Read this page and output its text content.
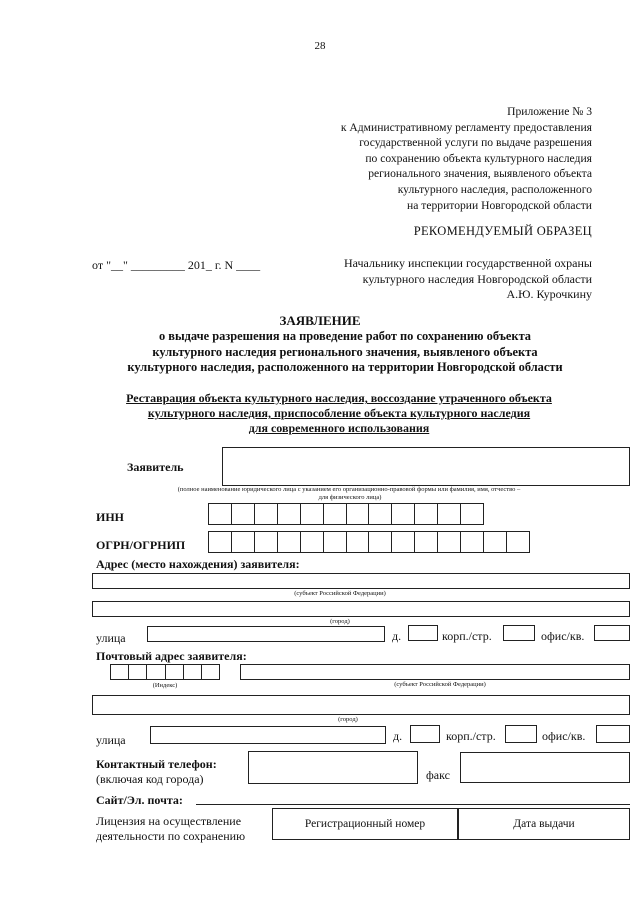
28
Приложение № 3
к Административному регламенту предоставления
государственной услуги по выдаче разрешения
по сохранению объекта культурного наследия
регионального значения, выявленого объекта
культурного наследия, расположенного
на территории Новгородской области
РЕКОМЕНДУЕМЫЙ ОБРАЗЕЦ
от "__" _________ 201_ г. N ____	Начальнику инспекции государственной охраны
культурного наследия Новгородской области
А.Ю. Курочкину
ЗАЯВЛЕНИЕ
о выдаче разрешения на проведение работ по сохранению объекта
культурного наследия регионального значения, выявленого объекта
культурного наследия, расположенного на территории Новгородской области
Реставрация объекта культурного наследия, воссоздание утраченного объекта
культурного наследия, приспособление объекта культурного наследия
для современного использования
Заявитель
(полное наименование юридического лица с указанием его организационно-правовой формы или фамилия, имя, отчество –
для физического лица)
ИНН
ОГРН/ОГРНИП
Адрес (место нахождения) заявителя:
(субъект Российской Федерации)
(город)
улица	д.	корп./стр.	офис/кв.
Почтовый адрес заявителя:
(Индекс)	(субъект Российской Федерации)
(город)
улица	д.	корп./стр.	офис/кв.
Контактный телефон:
(включая код города)	факс
Сайт/Эл. почта:
Лицензия на осуществление
деятельности по сохранению
Регистрационный номер	Дата выдачи
